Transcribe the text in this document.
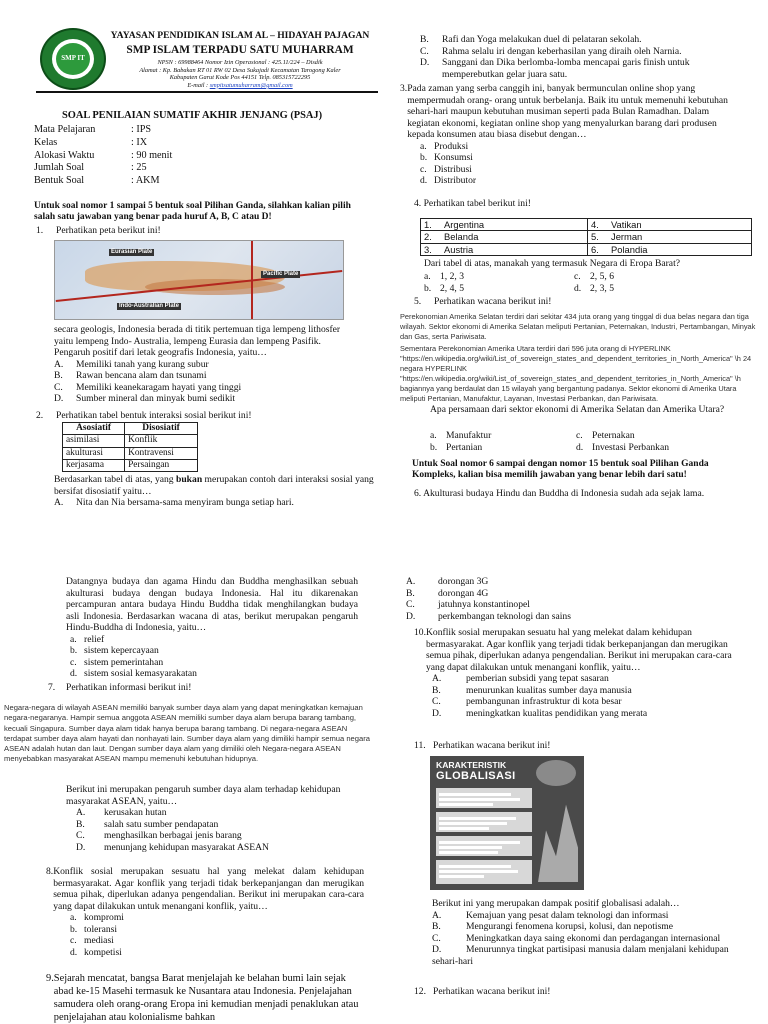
SMP IT
YAYASAN PENDIDIKAN ISLAM AL – HIDAYAH PAJAGAN
SMP ISLAM TERPADU SATU MUHARRAM
NPSN : 69988464 Nomor Izin Operasional : 425.11/224 – Disdik
Alamat : Kp. Babakan RT 01 RW 02 Desa Sukajadi Kecamatan Tarogong Kaler
Kabupaten Garut Kode Pos 44151 Telp. 085315722295
E-mail : smpitsatumuharram@gmail.com
SOAL PENILAIAN SUMATIF AKHIR JENJANG (PSAJ)
Mata Pelajaran	: IPS
Kelas	: IX
Alokasi Waktu	: 90 menit
Jumlah Soal	: 25
Bentuk Soal	: AKM
Untuk soal nomor 1 sampai 5 bentuk soal Pilihan Ganda, silahkan kalian pilih salah satu jawaban yang benar pada huruf A, B, C atau D!
1.	Perhatikan peta berikut ini!
Eurasian Plate
Pacific Plate
Indo-Australian Plate

secara geologis, Indonesia berada di titik pertemuan tiga lempeng lithosfer yaitu lempeng Indo- Australia, lempeng Eurasia dan lempeng Pasifik. Pengaruh positif dari letak geografis Indonesia, yaitu…

A.	Memiliki tanah yang kurang subur
B.	Rawan bencana alam dan tsunami
C.	Memiliki keanekaragam hayati yang tinggi
D.	Sumber mineral dan minyak bumi sedikit
2.	Perhatikan tabel bentuk interaksi sosial berikut ini!
Asosiatif	Disosiatif
asimilasi	Konflik
akulturasi	Kontravensi
kerjasama	Persaingan

Berdasarkan tabel di atas, yang bukan merupakan contoh dari interaksi sosial yang bersifat disosiatif yaitu…

A.	Nita dan Nia bersama-sama menyiram bunga setiap hari.
B.	Rafi dan Yoga melakukan duel di pelataran sekolah.
C.	Rahma selalu iri dengan keberhasilan yang diraih oleh Narnia.
D.	Sanggani dan Dika berlomba-lomba mencapai garis finish untuk memperebutkan gelar juara satu.
3. Pada zaman yang serba canggih ini, banyak bermunculan online shop yang mempermudah orang- orang untuk berbelanja. Baik itu untuk memenuhi kebutuhan sehari-hari maupun kebutuhan musiman seperti pada Bulan Ramadhan. Dalam kegiatan ekonomi, kegiatan online shop yang menyalurkan barang dari produsen kepada konsumen atau biasa disebut dengan…
a. Produksi
b. Konsumsi
c. Distribusi
d. Distributor
4. Perhatikan tabel berikut ini!
1.	Argentina	4.	Vatikan
2.	Belanda	5.	Jerman
3.	Austria	6.	Polandia
Dari tabel di atas, manakah yang termasuk Negara di Eropa Barat?
a. 1, 2, 3	c. 2, 5, 6
b. 2, 4, 5	d. 2, 3, 5
5.	Perhatikan wacana berikut ini!

Perekonomian Amerika Selatan terdiri dari sekitar 434 juta orang yang tinggal di dua belas negara dan tiga wilayah. Sektor ekonomi di Amerika Selatan meliputi Pertanian, Peternakan, Industri, Pertambangan, Minyak dan Gas, serta Pariwisata.

Sementara Perekonomian Amerika Utara terdiri dari 596 juta orang di HYPERLINK "https://en.wikipedia.org/wiki/List_of_sovereign_states_and_dependent_territories_in_North_America" \h 24 negara HYPERLINK "https://en.wikipedia.org/wiki/List_of_sovereign_states_and_dependent_territories_in_North_America" \h bagiannya yang berdaulat dan 15 wilayah yang bergantung padanya. Sektor ekonomi di Amerika Utara meliputi Pertanian, Manufaktur, Layanan, Investasi Perbankan, dan Pariwisata.

Apa persamaan dari sektor ekonomi di Amerika Selatan dan Amerika Utara?
a. Manufaktur	c. Peternakan
b. Pertanian	d. Investasi Perbankan
Untuk Soal nomor 6 sampai dengan nomor 15 bentuk soal Pilihan Ganda Kompleks, kalian bisa memilih jawaban yang benar lebih dari satu!
6. Akulturasi budaya Hindu dan Buddha di Indonesia sudah ada sejak lama.

Datangnya budaya dan agama Hindu dan Buddha menghasilkan sebuah akulturasi budaya dengan budaya Indonesia. Hal itu dikarenakan percampuran antara budaya Hindu Buddha tidak menghilangkan budaya asli Indonesia. Berdasarkan wacana di atas, berikut merupakan pengaruh Hindu-Buddha di Indonesia, yaitu…

a. relief
b. sistem kepercayaan
c. sistem pemerintahan
d. sistem sosial kemasyarakatan
7.	Perhatikan informasi berikut ini!
Negara-negara di wilayah ASEAN memiliki banyak sumber daya alam yang dapat meningkatkan kemajuan negara-negaranya. Hampir semua anggota ASEAN memiliki sumber daya alam berupa barang tambang, kecuali Singapura. Sumber daya alam tidak hanya berupa barang tambang. Di negara-negara ASEAN terdapat sumber daya alam hayati dan nonhayati lain. Sumber daya alam yang dimiliki hampir semua negara ASEAN adalah hutan dan laut. Dengan sumber daya alam yang dimiliki oleh Negara-negara ASEAN menyebabkan masyarakat ASEAN mampu memenuhi kebutuhan hidupnya.

Berikut ini merupakan pengaruh sumber daya alam terhadap kehidupan masyarakat ASEAN, yaitu…

A.	kerusakan hutan
B.	salah satu sumber pendapatan
C.	menghasilkan berbagai jenis barang
D.	menunjang kehidupan masyarakat ASEAN
8. Konflik sosial merupakan sesuatu hal yang melekat dalam kehidupan bermasyarakat. Agar konflik yang terjadi tidak berkepanjangan dan merugikan semua pihak, diperlukan adanya pengendalian. Berikut ini merupakan cara-cara yang dapat dilakukan untuk menangani konflik, yaitu…
a. kompromi
b. toleransi
c. mediasi
d. kompetisi
9. Sejarah mencatat, bangsa Barat menjelajah ke belahan bumi lain sejak abad ke-15 Masehi termasuk ke Nusantara atau Indonesia. Penjelajahan samudera oleh orang-orang Eropa ini kemudian menjadi penaklukan atau penjelajahan atau kolonialisme bahkan
A.	dorongan 3G
B.	dorongan 4G
C.	jatuhnya konstantinopel
D.	perkembangan teknologi dan sains
10. Konflik sosial merupakan sesuatu hal yang melekat dalam kehidupan bermasyarakat. Agar konflik yang terjadi tidak berkepanjangan dan merugikan semua pihak, diperlukan adanya pengendalian. Berikut ini merupakan cara-cara yang dapat dilakukan untuk menangani konflik, yaitu…
A.	pemberian subsidi yang tepat sasaran
B.	menurunkan kualitas sumber daya manusia
C.	pembangunan infrastruktur di kota besar
D.	meningkatkan kualitas pendidikan yang merata
11. Perhatikan wacana berikut ini!
KARAKTERISTIK
GLOBALISASI

Berikut ini yang merupakan dampak positif globalisasi adalah…

A.	Kemajuan yang pesat dalam teknologi dan informasi
B.	Mengurangi fenomena korupsi, kolusi, dan nepotisme
C.	Meningkatkan daya saing ekonomi dan perdagangan internasional
D.	Menurunnya tingkat partisipasi manusia dalam menjalani kehidupan sehari-hari
12. Perhatikan wacana berikut ini!
